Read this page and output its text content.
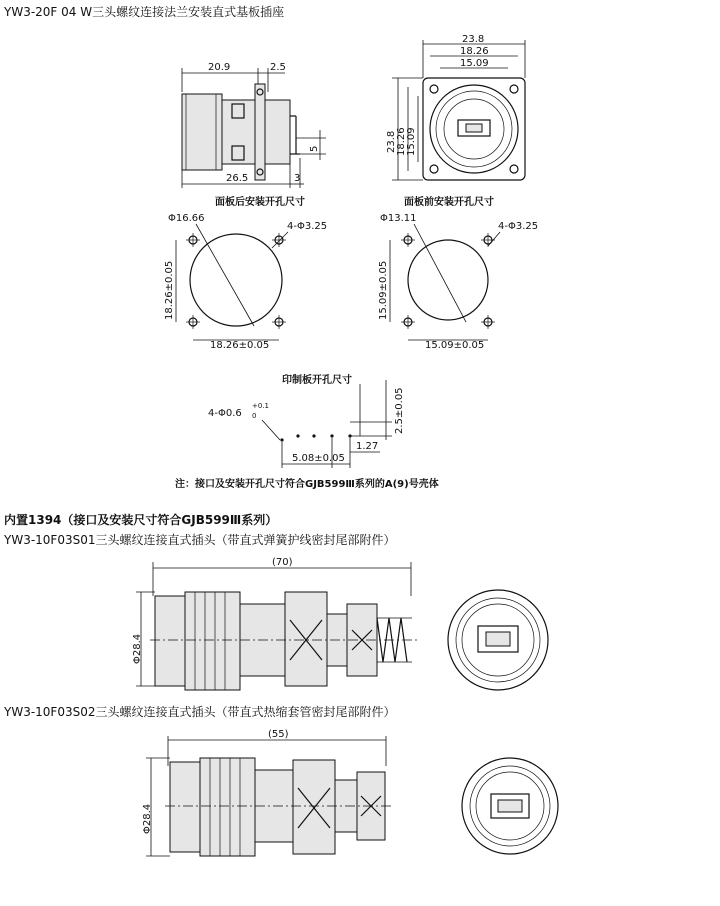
YW3-20F 04 W三头螺纹连接法兰安装直式基板插座
面板后安装开孔尺寸	面板前安装开孔尺寸
印制板开孔尺寸
注：接口及安装开孔尺寸符合GJB599Ⅲ系列的A(9)号壳体
内置1394（接口及安装尺寸符合GJB599Ⅲ系列）
YW3-10F03S01三头螺纹连接直式插头（带直式弹簧护线密封尾部附件）
YW3-10F03S02三头螺纹连接直式插头（带直式热缩套管密封尾部附件）
20.9	2.5
5
26.5	3
23.8
18.26
15.09
23.8 18.26 15.09
Φ16.66
4-Φ3.25
18.26±0.05
18.26±0.05
Φ13.11
4-Φ3.25
15.09±0.05
15.09±0.05
4-Φ0.6
+0.1
0	2.5±0.05
1.27
5.08±0.05
(70)
Φ28.4
(55)
Φ28.4
